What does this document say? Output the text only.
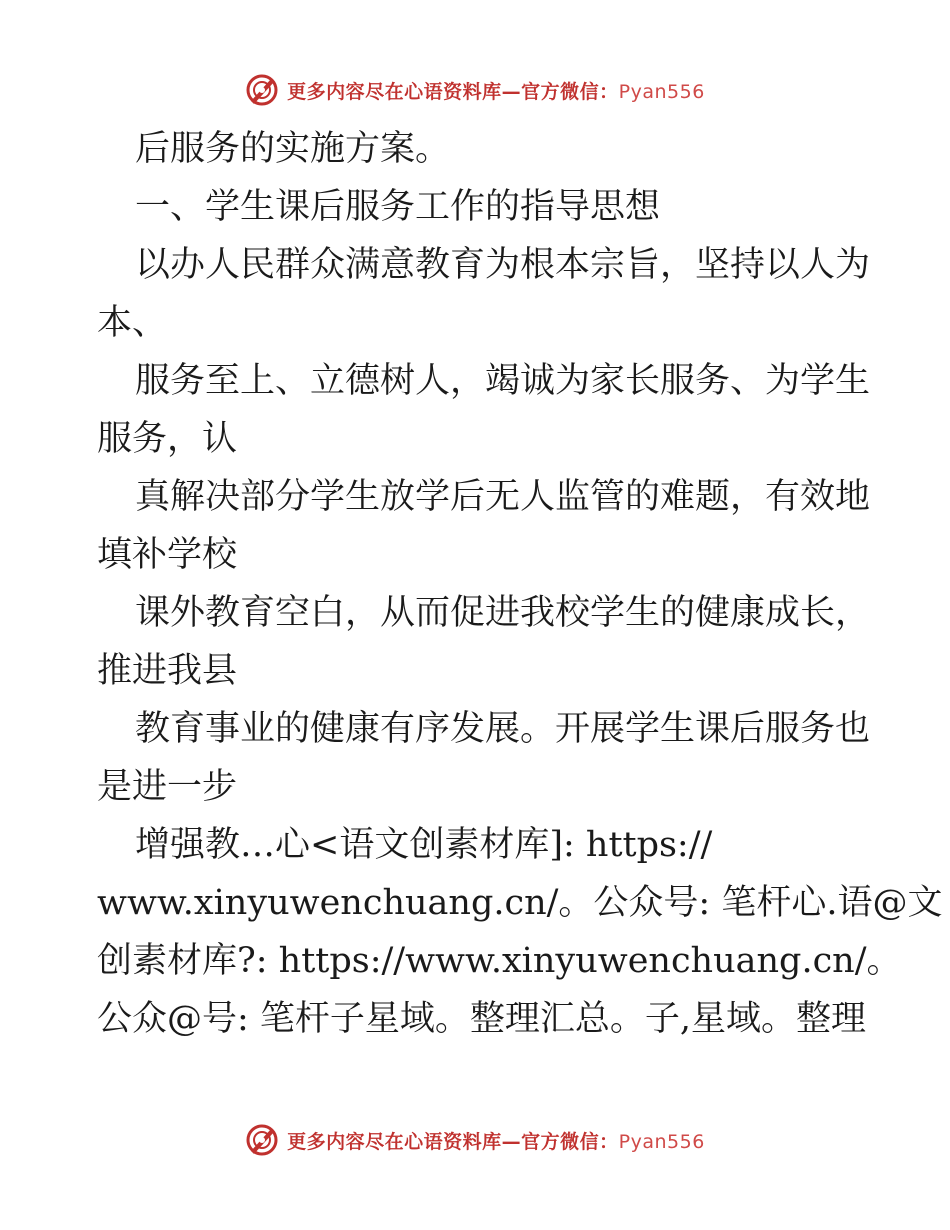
更多内容尽在心语资料库—官方微信：Pyan556
后服务的实施方案。
一、学生课后服务工作的指导思想
以办人民群众满意教育为根本宗旨，坚持以人为
本、
服务至上、立德树人，竭诚为家长服务、为学生
服务，认
真解决部分学生放学后无人监管的难题，有效地
填补学校
课外教育空白，从而促进我校学生的健康成长，
推进我县
教育事业的健康有序发展。开展学生课后服务也
是进一步
增强教…心<语文创素材库]: https://
www.xinyuwenchuang.cn/。公众号: 笔杆心.语@文
创素材库?: https://www.xinyuwenchuang.cn/。
公众@号: 笔杆子星域。整理汇总。子,星域。整理
更多内容尽在心语资料库—官方微信：Pyan556
